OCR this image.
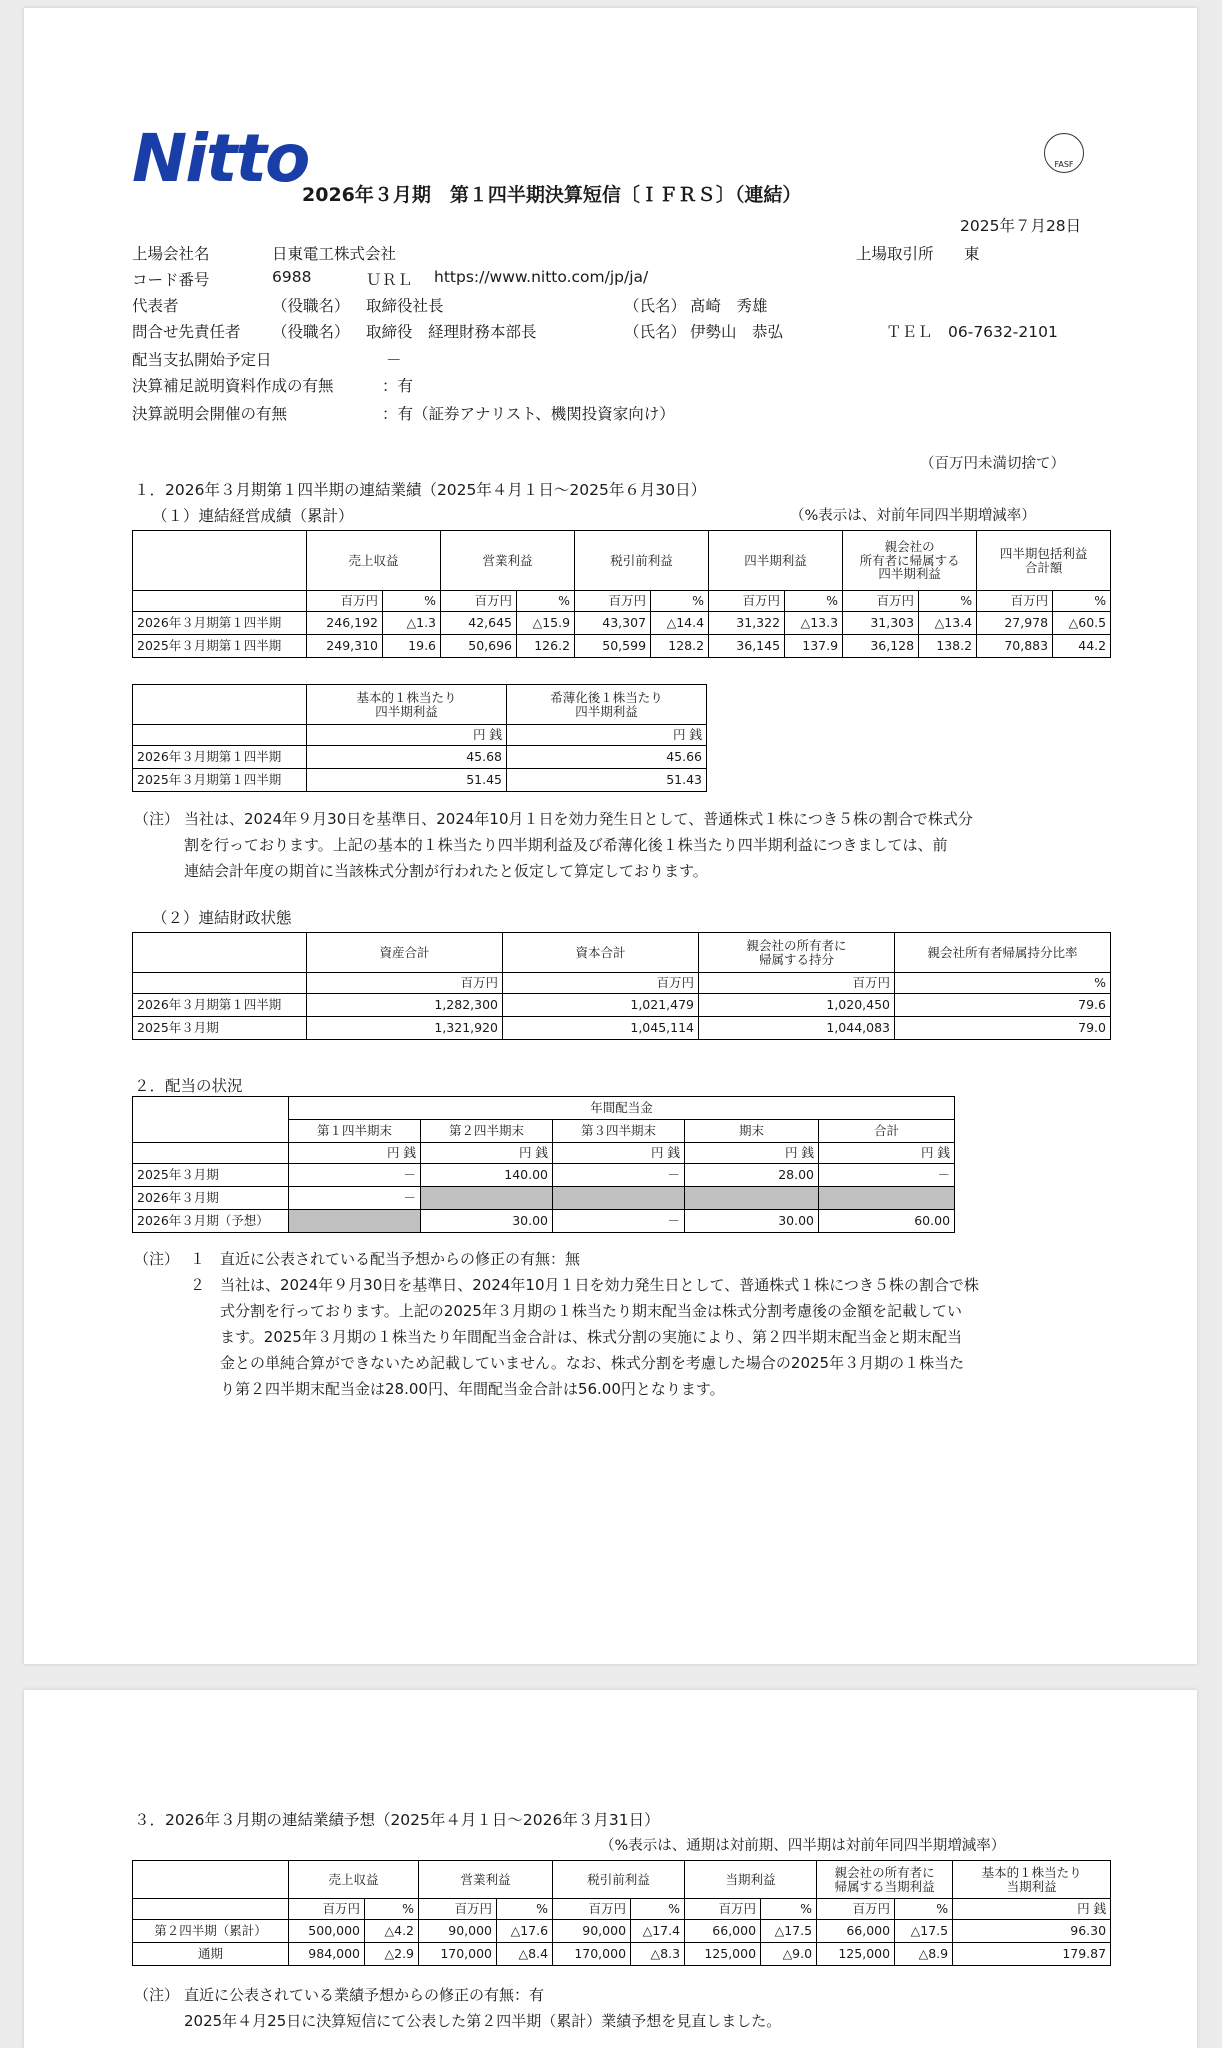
Nitto	FASF
2026年３月期　第１四半期決算短信〔ＩＦＲＳ〕（連結）
2025年７月28日
上場会社名	日東電工株式会社	上場取引所 東
コード番号	6988	ＵＲＬ https://www.nitto.com/jp/ja/
代表者	（役職名） 取締役社長	（氏名） 髙崎　秀雄
問合せ先責任者 （役職名） 取締役　経理財務本部長	（氏名） 伊勢山　恭弘	ＴＥＬ　06-7632-2101
配当支払開始予定日	－
決算補足説明資料作成の有無	：有
決算説明会開催の有無	：有（証券アナリスト、機関投資家向け）
（百万円未満切捨て）
１．2026年３月期第１四半期の連結業績（2025年４月１日～2025年６月30日）
（１）連結経営成績（累計）	（%表示は、対前年同四半期増減率）
	売上収益		営業利益		税引前利益		四半期利益		親会社の
所有者に帰属する
四半期利益		四半期包括利益
合計額	
	百万円	%	百万円	%	百万円	%	百万円	%	百万円	%	百万円	%
2026年３月期第１四半期	246,192	△1.3	42,645	△15.9	43,307	△14.4	31,322	△13.3	31,303	△13.4	27,978	△60.5
2025年３月期第１四半期	249,310	19.6	50,696	126.2	50,599	128.2	36,145	137.9	36,128	138.2	70,883	44.2
	基本的１株当たり
四半期利益	希薄化後１株当たり
四半期利益
	円 銭	円 銭
2026年３月期第１四半期	45.68	45.66
2025年３月期第１四半期	51.45	51.43
（注） 当社は、2024年９月30日を基準日、2024年10月１日を効力発生日として、普通株式１株につき５株の割合で株式分
割を行っております。上記の基本的１株当たり四半期利益及び希薄化後１株当たり四半期利益につきましては、前
連結会計年度の期首に当該株式分割が行われたと仮定して算定しております。
（２）連結財政状態
	資産合計	資本合計	親会社の所有者に
帰属する持分	親会社所有者帰属持分比率
	百万円	百万円	百万円	%
2026年３月期第１四半期	1,282,300	1,021,479	1,020,450	79.6
2025年３月期	1,321,920	1,045,114	1,044,083	79.0
２．配当の状況
	年間配当金				
	第１四半期末	第２四半期末	第３四半期末	期末	合計
	円 銭	円 銭	円 銭	円 銭	円 銭
2025年３月期	－	140.00	－	28.00	－
2026年３月期	－				
2026年３月期（予想）		30.00	－	30.00	60.00
（注） １ 直近に公表されている配当予想からの修正の有無：無
２ 当社は、2024年９月30日を基準日、2024年10月１日を効力発生日として、普通株式１株につき５株の割合で株
式分割を行っております。上記の2025年３月期の１株当たり期末配当金は株式分割考慮後の金額を記載してい
ます。2025年３月期の１株当たり年間配当金合計は、株式分割の実施により、第２四半期末配当金と期末配当
金との単純合算ができないため記載していません。なお、株式分割を考慮した場合の2025年３月期の１株当た
り第２四半期末配当金は28.00円、年間配当金合計は56.00円となります。
３．2026年３月期の連結業績予想（2025年４月１日～2026年３月31日）
（%表示は、通期は対前期、四半期は対前年同四半期増減率）
	売上収益		営業利益		税引前利益		当期利益		親会社の所有者に
帰属する当期利益		基本的１株当たり
当期利益
	百万円	%	百万円	%	百万円	%	百万円	%	百万円	%	円 銭
第２四半期（累計）	500,000	△4.2	90,000	△17.6	90,000	△17.4	66,000	△17.5	66,000	△17.5	96.30
通期	984,000	△2.9	170,000	△8.4	170,000	△8.3	125,000	△9.0	125,000	△8.9	179.87
（注） 直近に公表されている業績予想からの修正の有無：有
2025年４月25日に決算短信にて公表した第２四半期（累計）業績予想を見直しました。
